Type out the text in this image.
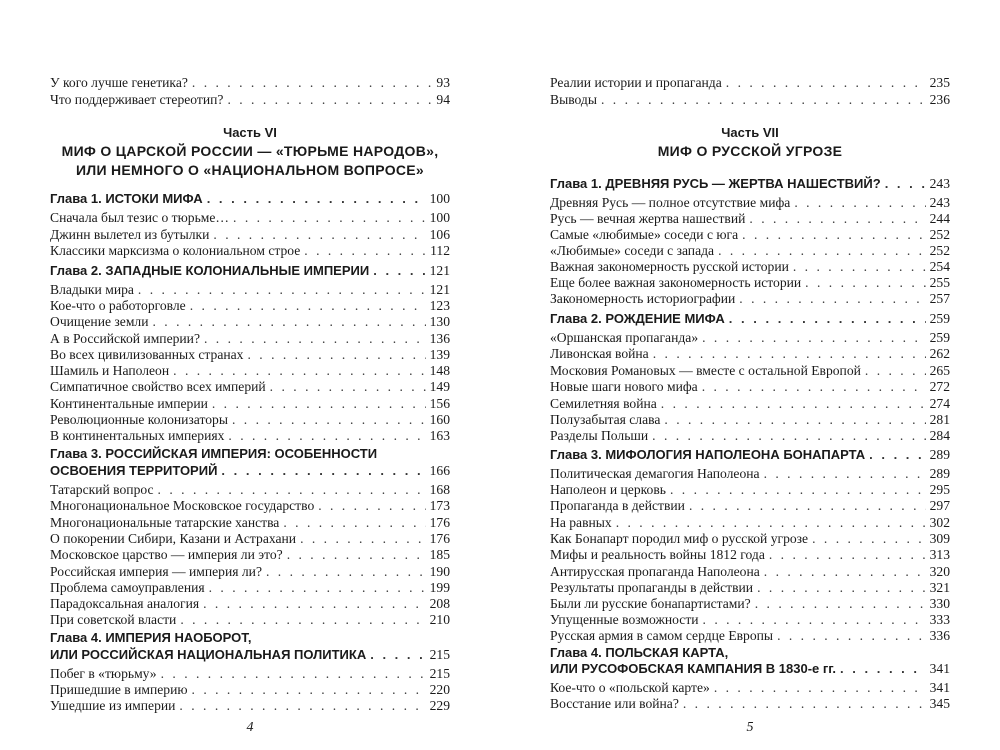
У кого лучше генетика? . . .	93
Что поддерживает стереотип? . . .	94
Часть VI
МИФ О ЦАРСКОЙ РОССИИ — «ТЮРЬМЕ НАРОДОВ»,
ИЛИ НЕМНОГО О «НАЦИОНАЛЬНОМ ВОПРОСЕ»
Глава 1. ИСТОКИ МИФА . . .	100
Сначала был тезис о тюрьме… . . .	100
Джинн вылетел из бутылки . . .	106
Классики марксизма о колониальном строе . . .	112
Глава 2. ЗАПАДНЫЕ КОЛОНИАЛЬНЫЕ ИМПЕРИИ . . .	121
Владыки мира . . .	121
Кое-что о работорговле . . .	123
Очищение земли . . .	130
А в Российской империи? . . .	136
Во всех цивилизованных странах . . .	139
Шамиль и Наполеон . . .	148
Симпатичное свойство всех империй . . .	149
Континентальные империи . . .	156
Революционные колонизаторы . . .	160
В континентальных империях . . .	163
Глава 3. РОССИЙСКАЯ ИМПЕРИЯ: ОСОБЕННОСТИ
ОСВОЕНИЯ ТЕРРИТОРИЙ . . .	166
Татарский вопрос . . .	168
Многонациональное Московское государство . . .	173
Многонациональные татарские ханства . . .	176
О покорении Сибири, Казани и Астрахани . . .	176
Московское царство — империя ли это? . . .	185
Российская империя — империя ли? . . .	190
Проблема самоуправления . . .	199
Парадоксальная аналогия . . .	208
При советской власти . . .	210
Глава 4. ИМПЕРИЯ НАОБОРОТ,
ИЛИ РОССИЙСКАЯ НАЦИОНАЛЬНАЯ ПОЛИТИКА . . .	215
Побег в «тюрьму» . . .	215
Пришедшие в империю . . .	220
Ушедшие из империи . . .	229
4
Реалии истории и пропаганда . . .	235
Выводы . . .	236
Часть VII
МИФ О РУССКОЙ УГРОЗЕ
Глава 1. ДРЕВНЯЯ РУСЬ — ЖЕРТВА НАШЕСТВИЙ? . . .	243
Древняя Русь — полное отсутствие мифа . . .	243
Русь — вечная жертва нашествий . . .	244
Самые «любимые» соседи с юга . . .	252
«Любимые» соседи с запада . . .	252
Важная закономерность русской истории . . .	254
Еще более важная закономерность истории . . .	255
Закономерность историографии . . .	257
Глава 2. РОЖДЕНИЕ МИФА . . .	259
«Оршанская пропаганда» . . .	259
Ливонская война . . .	262
Московия Романовых — вместе с остальной Европой . . .	265
Новые шаги нового мифа . . .	272
Семилетняя война . . .	274
Полузабытая слава . . .	281
Разделы Польши . . .	284
Глава 3. МИФОЛОГИЯ НАПОЛЕОНА БОНАПАРТА . . .	289
Политическая демагогия Наполеона . . .	289
Наполеон и церковь . . .	295
Пропаганда в действии . . .	297
На равных . . .	302
Как Бонапарт породил миф о русской угрозе . . .	309
Мифы и реальность войны 1812 года . . .	313
Антирусская пропаганда Наполеона . . .	320
Результаты пропаганды в действии . . .	321
Были ли русские бонапартистами? . . .	330
Упущенные возможности . . .	333
Русская армия в самом сердце Европы . . .	336
Глава 4. ПОЛЬСКАЯ КАРТА,
ИЛИ РУСОФОБСКАЯ КАМПАНИЯ В 1830-е гг. . . .	341
Кое-что о «польской карте» . . .	341
Восстание или война? . . .	345
5
